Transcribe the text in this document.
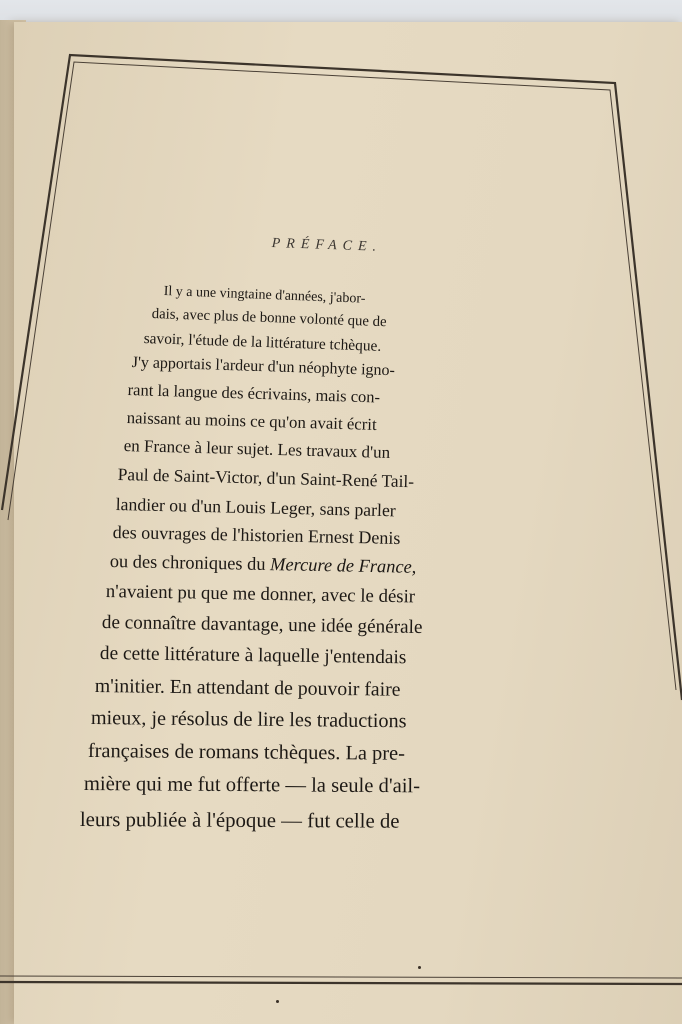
PRÉFACE.
Il y a une vingtaine d'années, j'abor-
dais, avec plus de bonne volonté que de
savoir, l'étude de la littérature tchèque.
J'y apportais l'ardeur d'un néophyte igno-
rant la langue des écrivains, mais con-
naissant au moins ce qu'on avait écrit
en France à leur sujet. Les travaux d'un
Paul de Saint-Victor, d'un Saint-René Tail-
landier ou d'un Louis Leger, sans parler
des ouvrages de l'historien Ernest Denis
ou des chroniques du Mercure de France,
n'avaient pu que me donner, avec le désir
de connaître davantage, une idée générale
de cette littérature à laquelle j'entendais
m'initier. En attendant de pouvoir faire
mieux, je résolus de lire les traductions
françaises de romans tchèques. La pre-
mière qui me fut offerte — la seule d'ail-
leurs publiée à l'époque — fut celle de
